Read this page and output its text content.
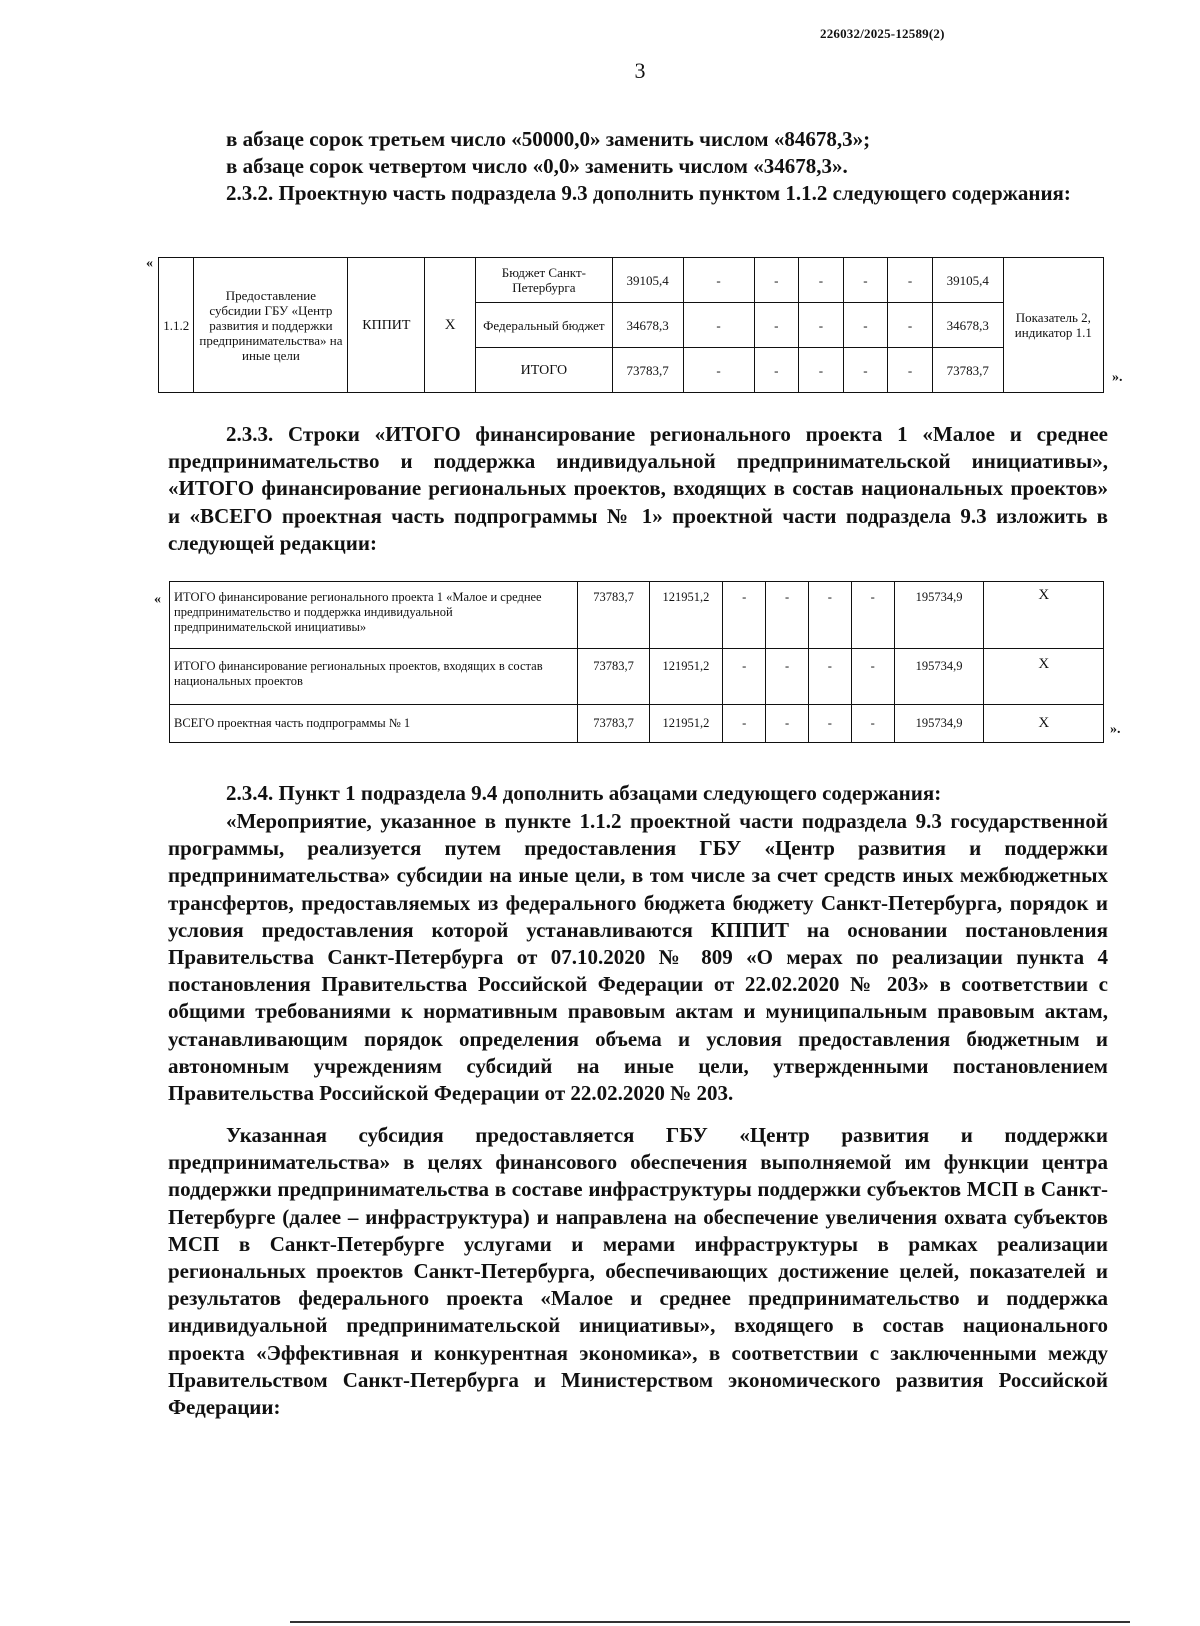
226032/2025-12589(2)
3
в абзаце сорок третьем число «50000,0» заменить числом «84678,3»;
в абзаце сорок четвертом число «0,0» заменить числом «34678,3».
2.3.2. Проектную часть подраздела 9.3 дополнить пунктом 1.1.2 следующего содержания:
«
1.1.2	Предоставление субсидии ГБУ «Центр развития и поддержки предпринимательства» на иные цели	КППИТ	Х	Бюджет Санкт-Петербурга	39105,4	-	-	-	-	-	39105,4	Показатель 2, индикатор 1.1
				Федеральный бюджет	34678,3	-	-	-	-	-	34678,3	
				ИТОГО	73783,7	-	-	-	-	-	73783,7		».
2.3.3. Строки «ИТОГО финансирование регионального проекта 1 «Малое и среднее предпринимательство и поддержка индивидуальной предпринимательской инициативы», «ИТОГО финансирование региональных проектов, входящих в состав национальных проектов» и «ВСЕГО проектная часть подпрограммы № 1» проектной части подраздела 9.3 изложить в следующей редакции:
« ИТОГО финансирование регионального проекта 1 «Малое и среднее предпринимательство и поддержка индивидуальной предпринимательской инициативы»	73783,7	121951,2	-	-	-	-	195734,9	Х
ИТОГО финансирование региональных проектов, входящих в состав национальных проектов	73783,7	121951,2	-	-	-	-	195734,9	Х
ВСЕГО проектная часть подпрограммы № 1	73783,7	121951,2	-	-	-	-	195734,9	Х	».
2.3.4. Пункт 1 подраздела 9.4 дополнить абзацами следующего содержания:
«Мероприятие, указанное в пункте 1.1.2 проектной части подраздела 9.3 государственной программы, реализуется путем предоставления ГБУ «Центр развития и поддержки предпринимательства» субсидии на иные цели, в том числе за счет средств иных межбюджетных трансфертов, предоставляемых из федерального бюджета бюджету Санкт-Петербурга, порядок и условия предоставления которой устанавливаются КППИТ на основании постановления Правительства Санкт-Петербурга от 07.10.2020 № 809 «О мерах по реализации пункта 4 постановления Правительства Российской Федерации от 22.02.2020 № 203» в соответствии с общими требованиями к нормативным правовым актам и муниципальным правовым актам, устанавливающим порядок определения объема и условия предоставления бюджетным и автономным учреждениям субсидий на иные цели, утвержденными постановлением Правительства Российской Федерации от 22.02.2020 № 203.
Указанная субсидия предоставляется ГБУ «Центр развития и поддержки предпринимательства» в целях финансового обеспечения выполняемой им функции центра поддержки предпринимательства в составе инфраструктуры поддержки субъектов МСП в Санкт-Петербурге (далее – инфраструктура) и направлена на обеспечение увеличения охвата субъектов МСП в Санкт-Петербурге услугами и мерами инфраструктуры в рамках реализации региональных проектов Санкт-Петербурга, обеспечивающих достижение целей, показателей и результатов федерального проекта «Малое и среднее предпринимательство и поддержка индивидуальной предпринимательской инициативы», входящего в состав национального проекта «Эффективная и конкурентная экономика», в соответствии с заключенными между Правительством Санкт-Петербурга и Министерством экономического развития Российской Федерации:
